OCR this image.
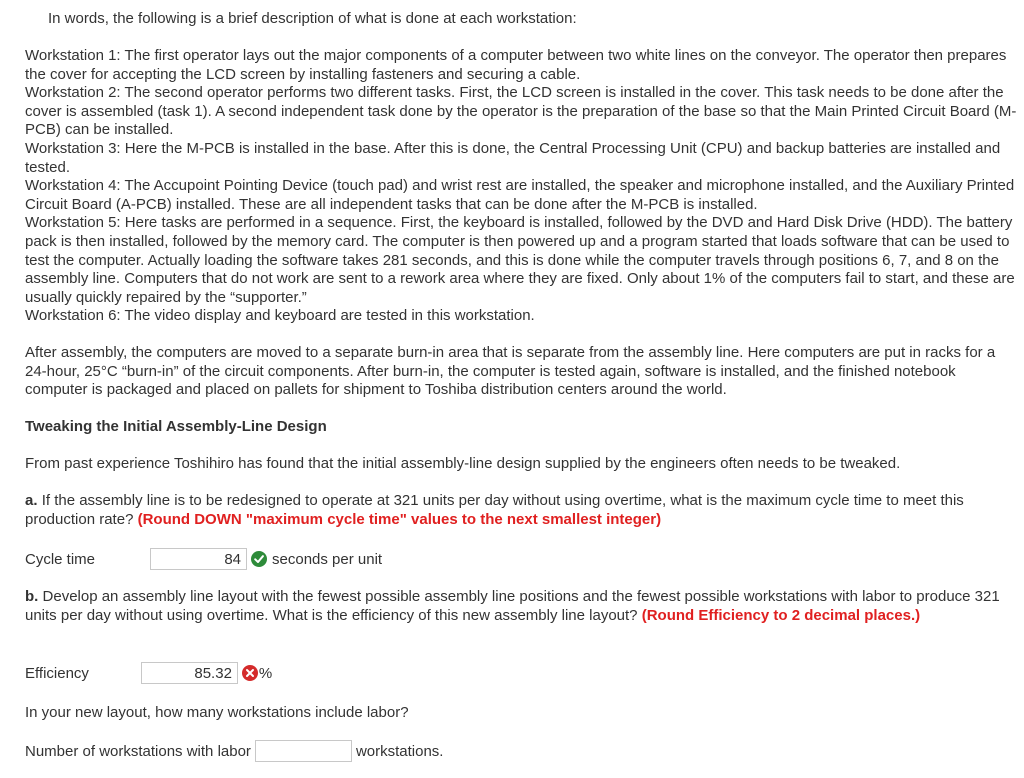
In words, the following is a brief description of what is done at each workstation:

Workstation 1: The first operator lays out the major components of a computer between two white lines on the conveyor. The operator then prepares the cover for accepting the LCD screen by installing fasteners and securing a cable.

Workstation 2: The second operator performs two different tasks. First, the LCD screen is installed in the cover. This task needs to be done after the cover is assembled (task 1). A second independent task done by the operator is the preparation of the base so that the Main Printed Circuit Board (M-PCB) can be installed.

Workstation 3: Here the M-PCB is installed in the base. After this is done, the Central Processing Unit (CPU) and backup batteries are installed and tested.

Workstation 4: The Accupoint Pointing Device (touch pad) and wrist rest are installed, the speaker and microphone installed, and the Auxiliary Printed Circuit Board (A-PCB) installed. These are all independent tasks that can be done after the M-PCB is installed.

Workstation 5: Here tasks are performed in a sequence. First, the keyboard is installed, followed by the DVD and Hard Disk Drive (HDD). The battery pack is then installed, followed by the memory card. The computer is then powered up and a program started that loads software that can be used to test the computer. Actually loading the software takes 281 seconds, and this is done while the computer travels through positions 6, 7, and 8 on the assembly line. Computers that do not work are sent to a rework area where they are fixed. Only about 1% of the computers fail to start, and these are usually quickly repaired by the “supporter.”

Workstation 6: The video display and keyboard are tested in this workstation.

After assembly, the computers are moved to a separate burn-in area that is separate from the assembly line. Here computers are put in racks for a 24-hour, 25°C “burn-in” of the circuit components. After burn-in, the computer is tested again, software is installed, and the finished notebook computer is packaged and placed on pallets for shipment to Toshiba distribution centers around the world.

Tweaking the Initial Assembly-Line Design

From past experience Toshihiro has found that the initial assembly-line design supplied by the engineers often needs to be tweaked.

a. If the assembly line is to be redesigned to operate at 321 units per day without using overtime, what is the maximum cycle time to meet this production rate? (Round DOWN "maximum cycle time" values to the next smallest integer)

Cycle time
84	seconds per unit

b. Develop an assembly line layout with the fewest possible assembly line positions and the fewest possible workstations with labor to produce 321 units per day without using overtime. What is the efficiency of this new assembly line layout? (Round Efficiency to 2 decimal places.)

Efficiency
85.32	%

In your new layout, how many workstations include labor?

Number of workstations with labor	workstations.
